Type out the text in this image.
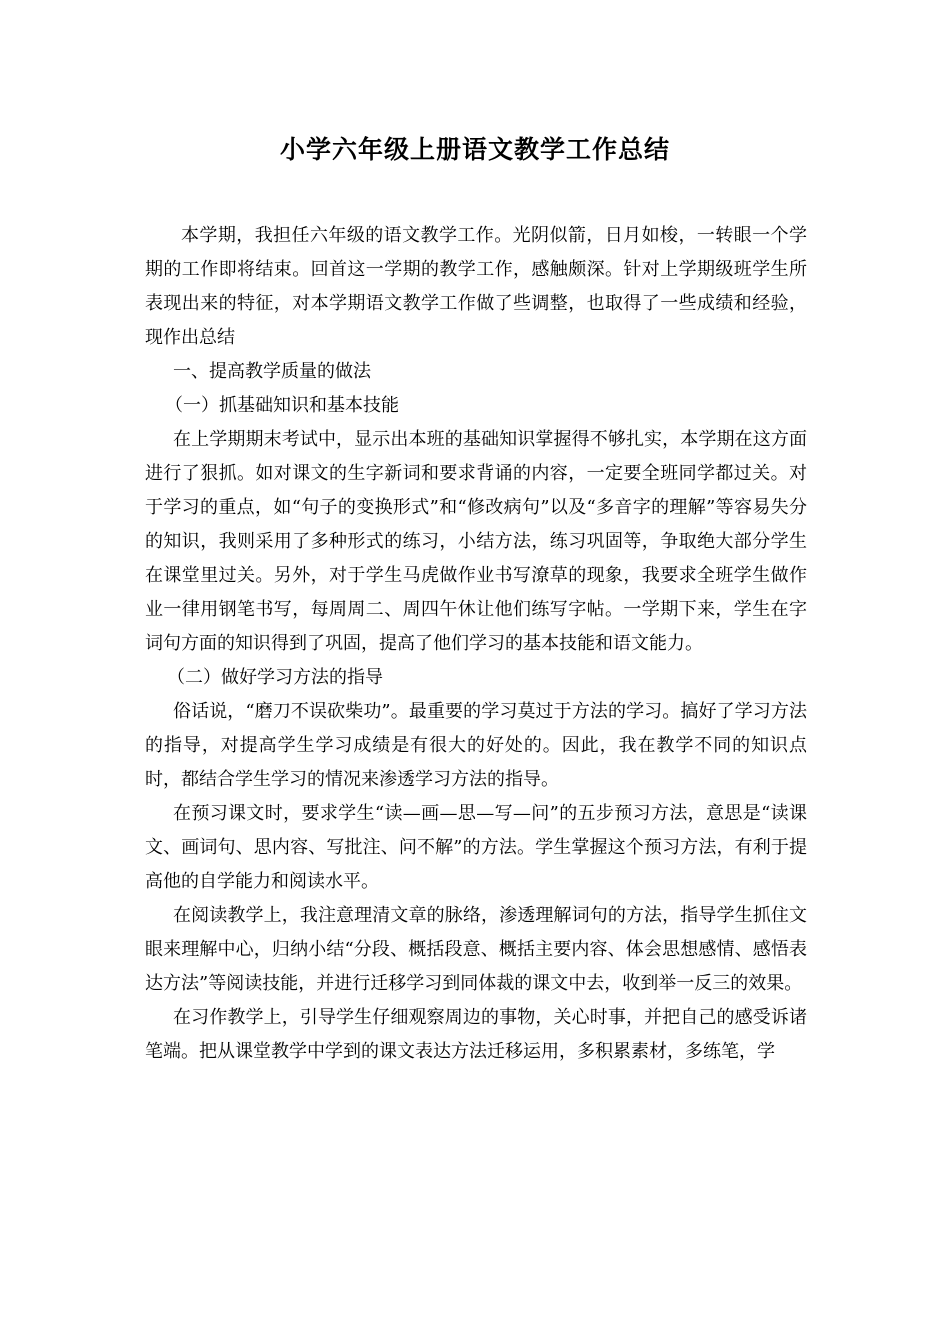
小学六年级上册语文教学工作总结

本学期，我担任六年级的语文教学工作。光阴似箭，日月如梭，一转眼一个学期的工作即将结束。回首这一学期的教学工作，感触颇深。针对上学期级班学生所表现出来的特征，对本学期语文教学工作做了些调整，也取得了一些成绩和经验，现作出总结

一、提高教学质量的做法

（一）抓基础知识和基本技能

在上学期期末考试中，显示出本班的基础知识掌握得不够扎实，本学期在这方面进行了狠抓。如对课文的生字新词和要求背诵的内容，一定要全班同学都过关。对于学习的重点，如“句子的变换形式”和“修改病句”以及“多音字的理解”等容易失分的知识，我则采用了多种形式的练习，小结方法，练习巩固等，争取绝大部分学生在课堂里过关。另外，对于学生马虎做作业书写潦草的现象，我要求全班学生做作业一律用钢笔书写，每周周二、周四午休让他们练写字帖。一学期下来，学生在字词句方面的知识得到了巩固，提高了他们学习的基本技能和语文能力。

（二）做好学习方法的指导

俗话说，“磨刀不误砍柴功”。最重要的学习莫过于方法的学习。搞好了学习方法的指导，对提高学生学习成绩是有很大的好处的。因此，我在教学不同的知识点时，都结合学生学习的情况来渗透学习方法的指导。

在预习课文时，要求学生“读—画—思—写—问”的五步预习方法，意思是“读课文、画词句、思内容、写批注、问不解”的方法。学生掌握这个预习方法，有利于提高他的自学能力和阅读水平。

在阅读教学上，我注意理清文章的脉络，渗透理解词句的方法，指导学生抓住文眼来理解中心，归纳小结“分段、概括段意、概括主要内容、体会思想感情、感悟表达方法”等阅读技能，并进行迁移学习到同体裁的课文中去，收到举一反三的效果。

在习作教学上，引导学生仔细观察周边的事物，关心时事，并把自己的感受诉诸笔端。把从课堂教学中学到的课文表达方法迁移运用，多积累素材，多练笔，学
